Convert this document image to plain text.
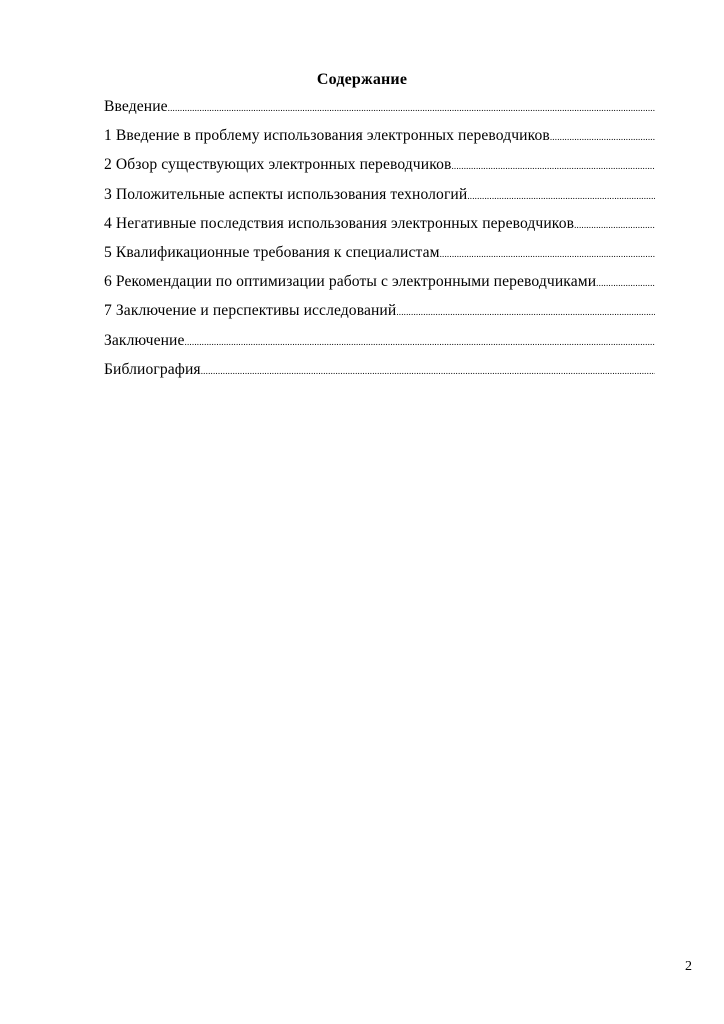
Содержание
Введение
.....
1 Введение в проблему использования электронных переводчиков
.....
2 Обзор существующих электронных переводчиков
.....
3 Положительные аспекты использования технологий
.....
4 Негативные последствия использования электронных переводчиков
.....
5 Квалификационные требования к специалистам
.....
6 Рекомендации по оптимизации работы с электронными переводчиками
.....
7 Заключение и перспективы исследований
.....
Заключение
.....
Библиография
.....
2
